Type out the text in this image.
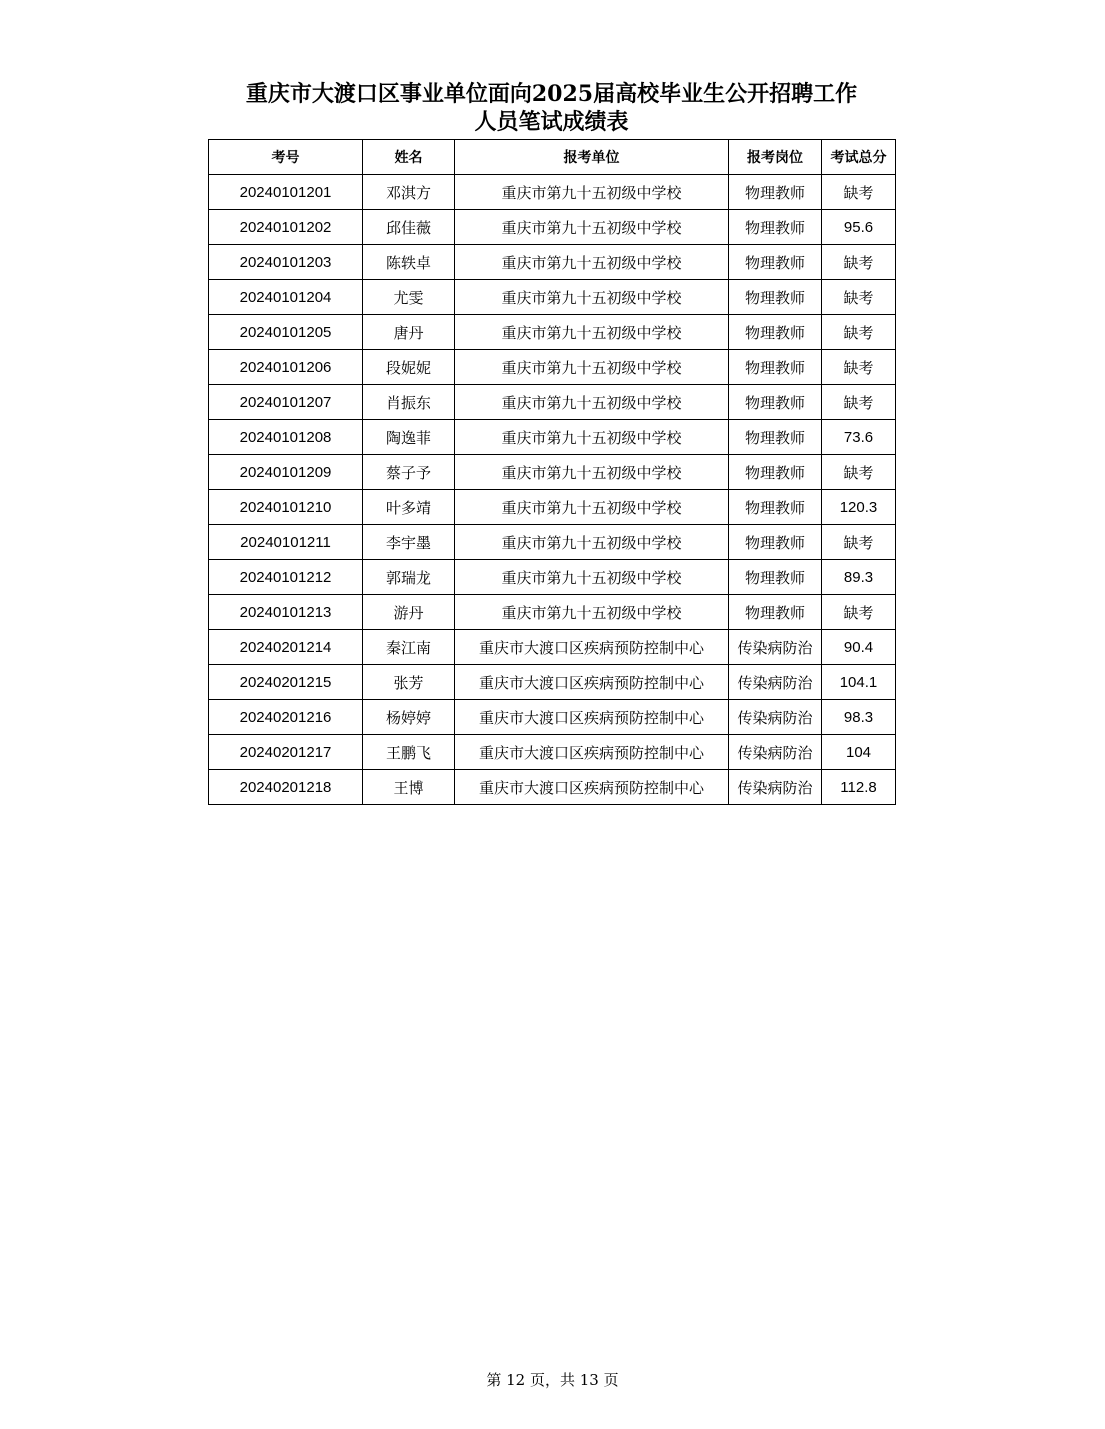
重庆市大渡口区事业单位面向2025届高校毕业生公开招聘工作
人员笔试成绩表
考号	姓名	报考单位	报考岗位	考试总分
20240101201	邓淇方	重庆市第九十五初级中学校	物理教师	缺考
20240101202	邱佳薇	重庆市第九十五初级中学校	物理教师	95.6
20240101203	陈轶卓	重庆市第九十五初级中学校	物理教师	缺考
20240101204	尤雯	重庆市第九十五初级中学校	物理教师	缺考
20240101205	唐丹	重庆市第九十五初级中学校	物理教师	缺考
20240101206	段妮妮	重庆市第九十五初级中学校	物理教师	缺考
20240101207	肖振东	重庆市第九十五初级中学校	物理教师	缺考
20240101208	陶逸菲	重庆市第九十五初级中学校	物理教师	73.6
20240101209	蔡子予	重庆市第九十五初级中学校	物理教师	缺考
20240101210	叶多靖	重庆市第九十五初级中学校	物理教师	120.3
20240101211	李宇墨	重庆市第九十五初级中学校	物理教师	缺考
20240101212	郭瑞龙	重庆市第九十五初级中学校	物理教师	89.3
20240101213	游丹	重庆市第九十五初级中学校	物理教师	缺考
20240201214	秦江南	重庆市大渡口区疾病预防控制中心	传染病防治	90.4
20240201215	张芳	重庆市大渡口区疾病预防控制中心	传染病防治	104.1
20240201216	杨婷婷	重庆市大渡口区疾病预防控制中心	传染病防治	98.3
20240201217	王鹏飞	重庆市大渡口区疾病预防控制中心	传染病防治	104
20240201218	王博	重庆市大渡口区疾病预防控制中心	传染病防治	112.8
第 12 页，共 13 页
